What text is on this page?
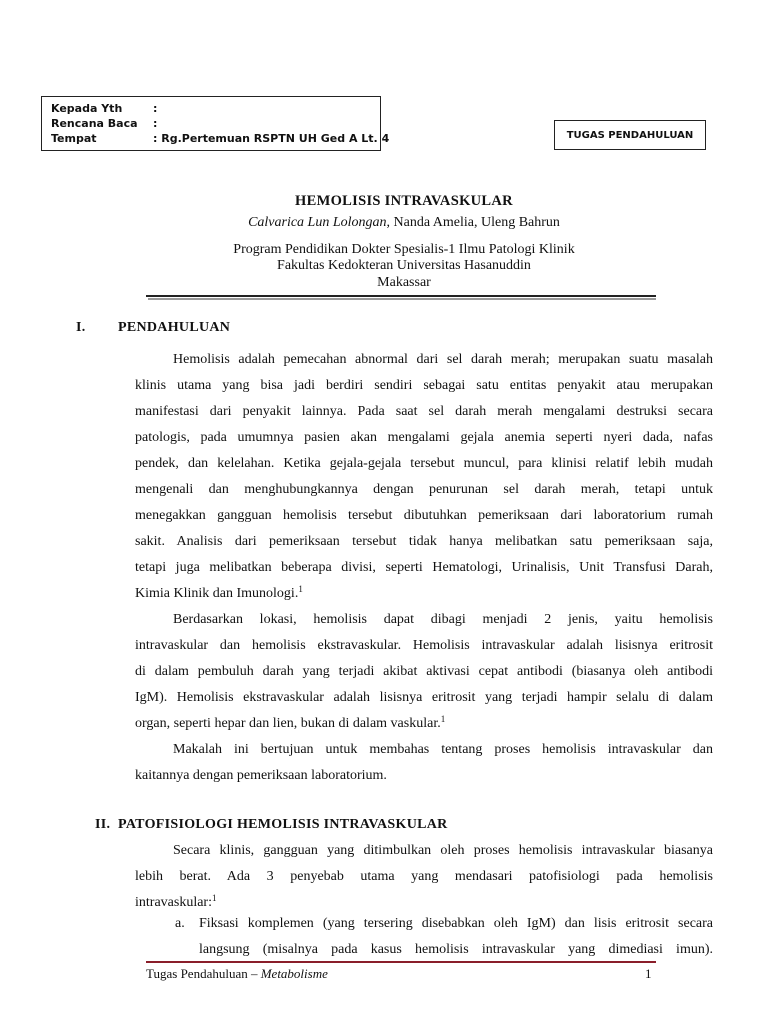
Kepada Yth	:
Rencana Baca :
Tempat	: Rg.Pertemuan RSPTN UH Ged A Lt. 4	TUGAS PENDAHULUAN
HEMOLISIS INTRAVASKULAR
Calvarica Lun Lolongan, Nanda Amelia, Uleng Bahrun
Program Pendidikan Dokter Spesialis-1 Ilmu Patologi Klinik
Fakultas Kedokteran Universitas Hasanuddin
Makassar
I. PENDAHULUAN
Hemolisis adalah pemecahan abnormal dari sel darah merah; merupakan suatu masalah
klinis utama yang bisa jadi berdiri sendiri sebagai satu entitas penyakit atau merupakan
manifestasi dari penyakit lainnya. Pada saat sel darah merah mengalami destruksi secara
patologis, pada umumnya pasien akan mengalami gejala anemia seperti nyeri dada, nafas
pendek, dan kelelahan. Ketika gejala-gejala tersebut muncul, para klinisi relatif lebih mudah
mengenali dan menghubungkannya dengan penurunan sel darah merah, tetapi untuk
menegakkan gangguan hemolisis tersebut dibutuhkan pemeriksaan dari laboratorium rumah
sakit. Analisis dari pemeriksaan tersebut tidak hanya melibatkan satu pemeriksaan saja,
tetapi juga melibatkan beberapa divisi, seperti Hematologi, Urinalisis, Unit Transfusi Darah,
Kimia Klinik dan Imunologi.$^1$
Berdasarkan lokasi, hemolisis dapat dibagi menjadi 2 jenis, yaitu hemolisis
intravaskular dan hemolisis ekstravaskular. Hemolisis intravaskular adalah lisisnya eritrosit
di dalam pembuluh darah yang terjadi akibat aktivasi cepat antibodi (biasanya oleh antibodi
IgM). Hemolisis ekstravaskular adalah lisisnya eritrosit yang terjadi hampir selalu di dalam
organ, seperti hepar dan lien, bukan di dalam vaskular.$^1$
Makalah ini bertujuan untuk membahas tentang proses hemolisis intravaskular dan
kaitannya dengan pemeriksaan laboratorium.
II. PATOFISIOLOGI HEMOLISIS INTRAVASKULAR
Secara klinis, gangguan yang ditimbulkan oleh proses hemolisis intravaskular biasanya
lebih berat. Ada 3 penyebab utama yang mendasari patofisiologi pada hemolisis
intravaskular:$^1$
a. Fiksasi komplemen (yang tersering disebabkan oleh IgM) dan lisis eritrosit secara
langsung (misalnya pada kasus hemolisis intravaskular yang dimediasi imun).
Tugas Pendahuluan – Metabolisme	1
